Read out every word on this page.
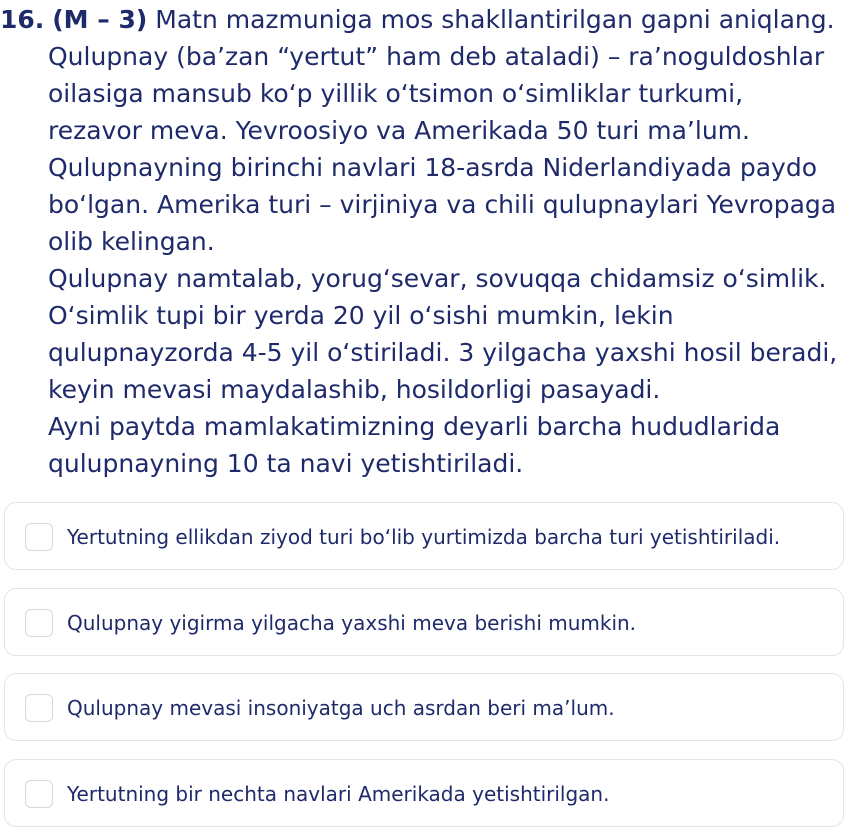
16. (M – 3) Matn mazmuniga mos shakllantirilgan gapni aniqlang.
Qulupnay (ba’zan “yertut” ham deb ataladi) – ra’noguldoshlar
oilasiga mansub ko‘p yillik o‘tsimon o‘simliklar turkumi,
rezavor meva. Yevroosiyo va Amerikada 50 turi ma’lum.
Qulupnayning birinchi navlari 18-asrda Niderlandiyada paydo
bo‘lgan. Amerika turi – virjiniya va chili qulupnaylari Yevropaga
olib kelingan.
Qulupnay namtalab, yorug‘sevar, sovuqqa chidamsiz o‘simlik.
O‘simlik tupi bir yerda 20 yil o‘sishi mumkin, lekin
qulupnayzorda 4-5 yil o‘stiriladi. 3 yilgacha yaxshi hosil beradi,
keyin mevasi maydalashib, hosildorligi pasayadi.
Ayni paytda mamlakatimizning deyarli barcha hududlarida
qulupnayning 10 ta navi yetishtiriladi.
Yertutning ellikdan ziyod turi bo‘lib yurtimizda barcha turi yetishtiriladi.
Qulupnay yigirma yilgacha yaxshi meva berishi mumkin.
Qulupnay mevasi insoniyatga uch asrdan beri ma’lum.
Yertutning bir nechta navlari Amerikada yetishtirilgan.
